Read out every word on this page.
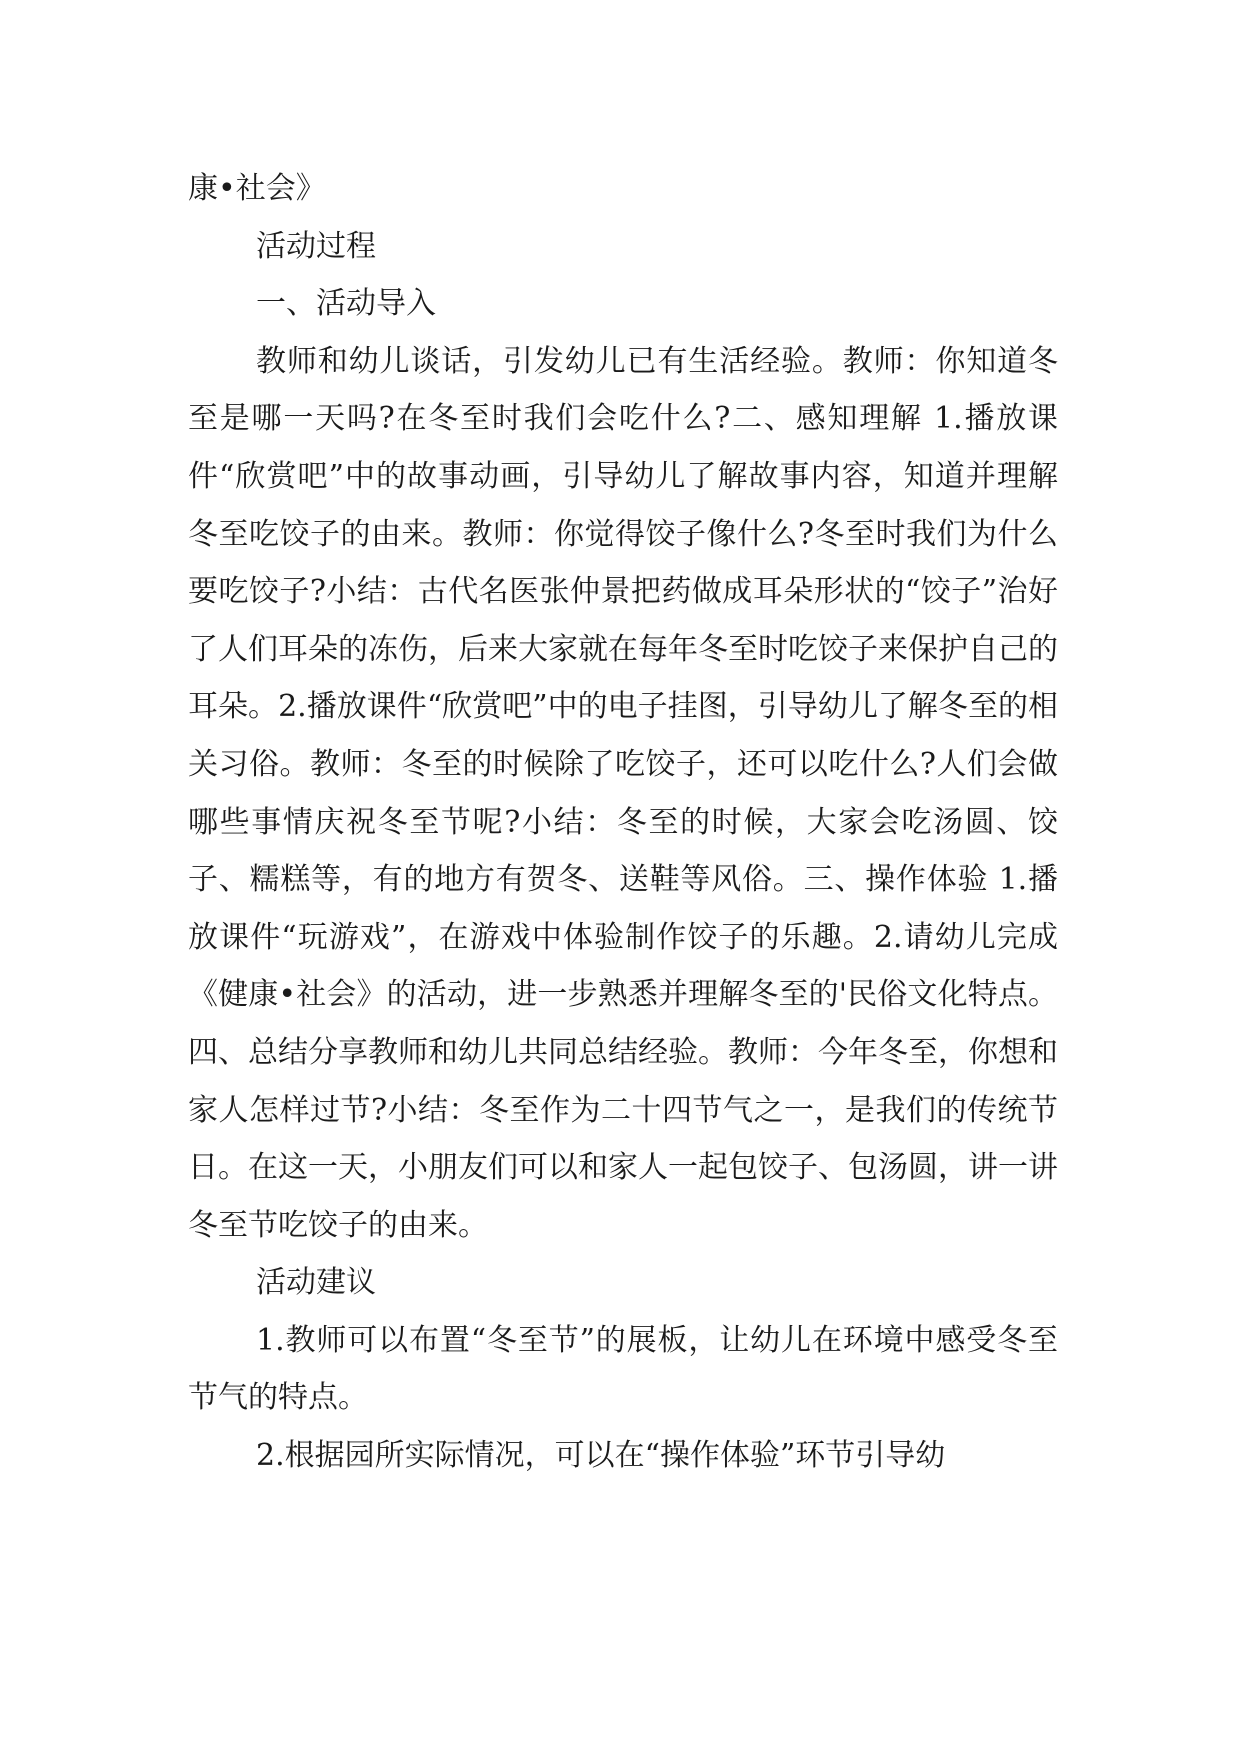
康•社会》

活动过程

一、活动导入

教师和幼儿谈话，引发幼儿已有生活经验。教师：你知道冬至是哪一天吗?在冬至时我们会吃什么?二、感知理解 1.播放课件“欣赏吧”中的故事动画，引导幼儿了解故事内容，知道并理解冬至吃饺子的由来。教师：你觉得饺子像什么?冬至时我们为什么要吃饺子?小结：古代名医张仲景把药做成耳朵形状的“饺子”治好了人们耳朵的冻伤，后来大家就在每年冬至时吃饺子来保护自己的耳朵。2.播放课件“欣赏吧”中的电子挂图，引导幼儿了解冬至的相关习俗。教师：冬至的时候除了吃饺子，还可以吃什么?人们会做哪些事情庆祝冬至节呢?小结：冬至的时候，大家会吃汤圆、饺子、糯糕等，有的地方有贺冬、送鞋等风俗。三、操作体验 1.播放课件“玩游戏”，在游戏中体验制作饺子的乐趣。2.请幼儿完成《健康•社会》的活动，进一步熟悉并理解冬至的'民俗文化特点。四、总结分享教师和幼儿共同总结经验。教师：今年冬至，你想和家人怎样过节?小结：冬至作为二十四节气之一，是我们的传统节日。在这一天，小朋友们可以和家人一起包饺子、包汤圆，讲一讲冬至节吃饺子的由来。

活动建议

1.教师可以布置“冬至节”的展板，让幼儿在环境中感受冬至节气的特点。

2.根据园所实际情况，可以在“操作体验”环节引导幼
